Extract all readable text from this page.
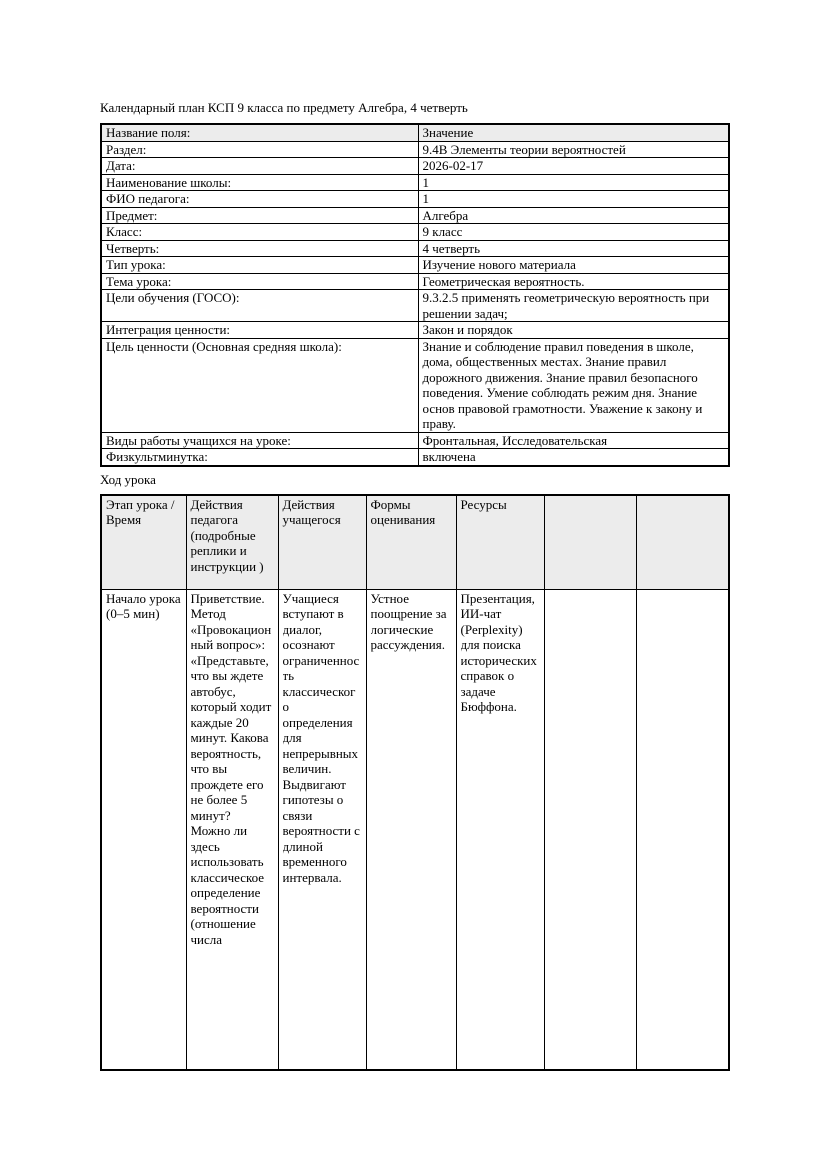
Календарный план КСП 9 класса по предмету Алгебра, 4 четверть

Название поля:	Значение
Раздел:	9.4B Элементы теории вероятностей
Дата:	2026-02-17
Наименование школы:	1
ФИО педагога:	1
Предмет:	Алгебра
Класс:	9 класс
Четверть:	4 четверть
Тип урока:	Изучение нового материала
Тема урока:	Геометрическая вероятность.
Цели обучения (ГОСО):	9.3.2.5 применять геометрическую вероятность при решении задач;
Интеграция ценности:	Закон и порядок
Цель ценности (Основная средняя школа):	Знание и соблюдение правил поведения в школе, дома, общественных местах. Знание правил дорожного движения. Знание правил безопасного поведения. Умение соблюдать режим дня. Знание основ правовой грамотности. Уважение к закону и праву.
Виды работы учащихся на уроке:	Фронтальная, Исследовательская
Физкультминутка:	включена

Ход урока

Этап урока / Время	Действия педагога (подробные реплики и инструкции )	Действия учащегося	Формы оценивания	Ресурсы		

Начало урока (0–5 мин)	Приветствие. Метод «Провокационный вопрос»: «Представьте, что вы ждете автобус, который ходит каждые 20 минут. Какова вероятность, что вы прождете его не более 5 минут? Можно ли здесь использовать классическое определение вероятности (отношение числа	Учащиеся вступают в диалог, осознают ограниченность классического определения для непрерывных величин. Выдвигают гипотезы о связи вероятности с длиной временного интервала.	Устное поощрение за логические рассуждения.	Презентация, ИИ-чат (Perplexity) для поиска исторических справок о задаче Бюффона.		
